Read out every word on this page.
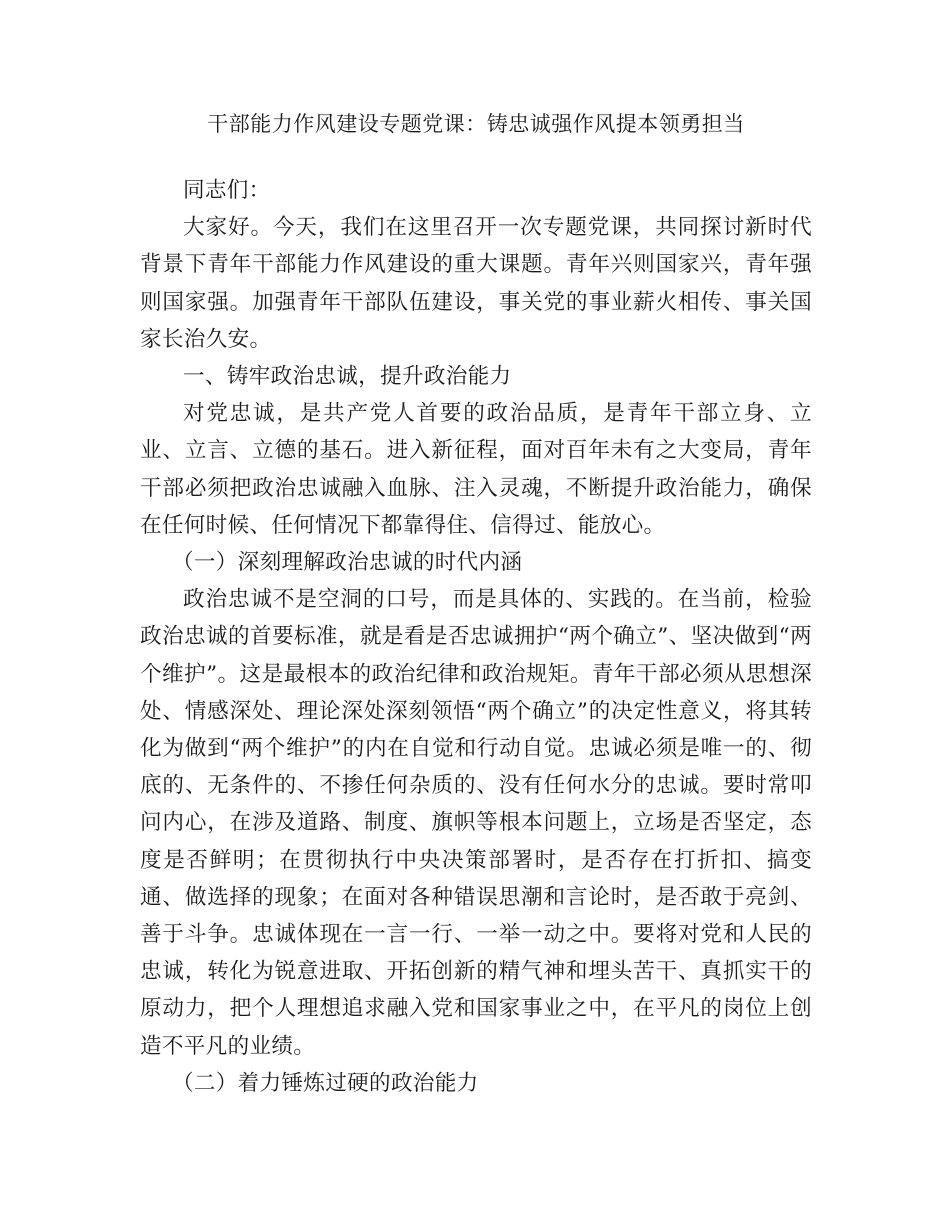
干部能力作风建设专题党课：铸忠诚强作风提本领勇担当

同志们：

大家好。今天，我们在这里召开一次专题党课，共同探讨新时代背景下青年干部能力作风建设的重大课题。青年兴则国家兴，青年强则国家强。加强青年干部队伍建设，事关党的事业薪火相传、事关国家长治久安。

一、铸牢政治忠诚，提升政治能力

对党忠诚，是共产党人首要的政治品质，是青年干部立身、立业、立言、立德的基石。进入新征程，面对百年未有之大变局，青年干部必须把政治忠诚融入血脉、注入灵魂，不断提升政治能力，确保在任何时候、任何情况下都靠得住、信得过、能放心。

（一）深刻理解政治忠诚的时代内涵

政治忠诚不是空洞的口号，而是具体的、实践的。在当前，检验政治忠诚的首要标准，就是看是否忠诚拥护“两个确立”、坚决做到“两个维护”。这是最根本的政治纪律和政治规矩。青年干部必须从思想深处、情感深处、理论深处深刻领悟“两个确立”的决定性意义，将其转化为做到“两个维护”的内在自觉和行动自觉。忠诚必须是唯一的、彻底的、无条件的、不掺任何杂质的、没有任何水分的忠诚。要时常叩问内心，在涉及道路、制度、旗帜等根本问题上，立场是否坚定，态度是否鲜明；在贯彻执行中央决策部署时，是否存在打折扣、搞变通、做选择的现象；在面对各种错误思潮和言论时，是否敢于亮剑、善于斗争。忠诚体现在一言一行、一举一动之中。要将对党和人民的忠诚，转化为锐意进取、开拓创新的精气神和埋头苦干、真抓实干的原动力，把个人理想追求融入党和国家事业之中，在平凡的岗位上创造不平凡的业绩。

（二）着力锤炼过硬的政治能力
